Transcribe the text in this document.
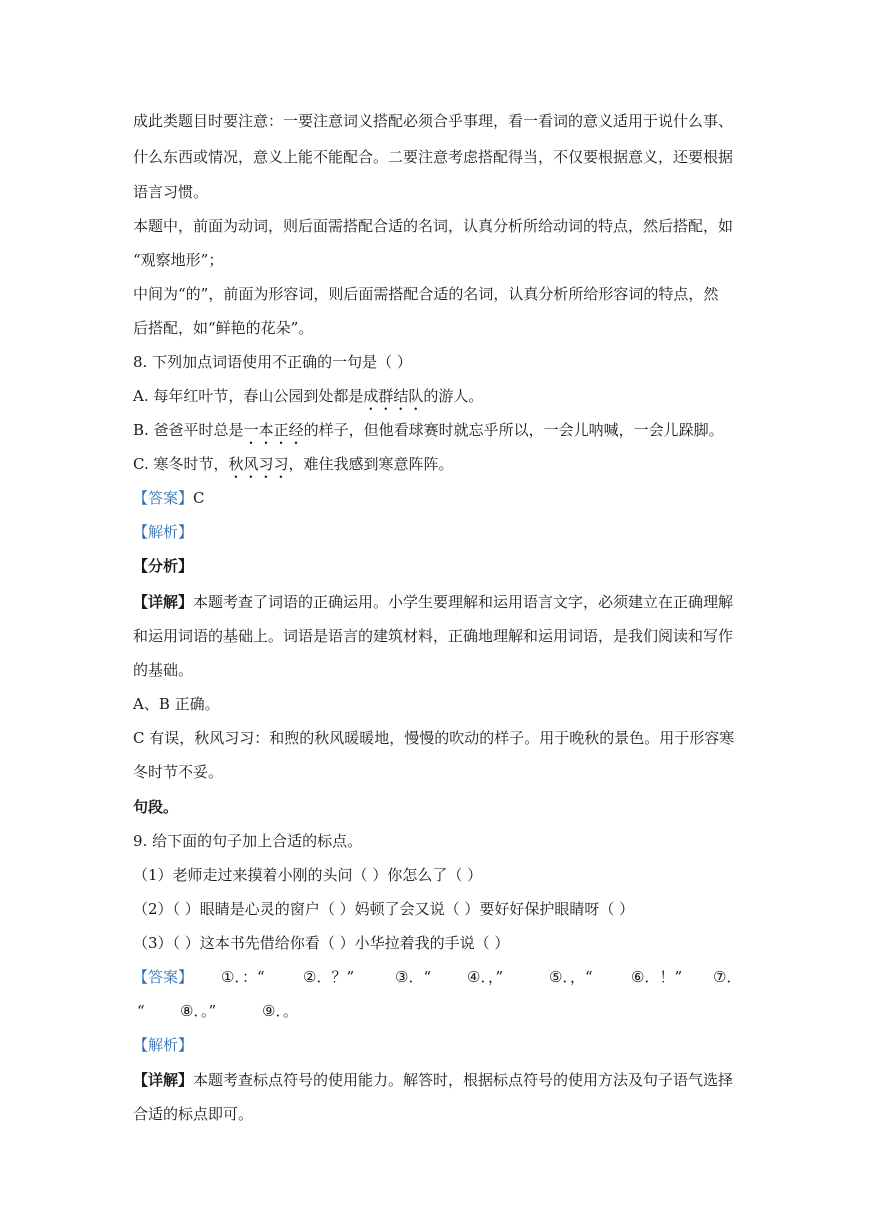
成此类题目时要注意：一要注意词义搭配必须合乎事理，看一看词的意义适用于说什么事、
什么东西或情况，意义上能不能配合。二要注意考虑搭配得当，不仅要根据意义，还要根据
语言习惯。
本题中，前面为动词，则后面需搭配合适的名词，认真分析所给动词的特点，然后搭配，如
“观察地形”；
中间为“的”，前面为形容词，则后面需搭配合适的名词，认真分析所给形容词的特点，然
后搭配，如“鲜艳的花朵”。
8. 下列加点词语使用不正确的一句是（ ）
A. 每年红叶节，春山公园到处都是成群结队的游人。
B. 爸爸平时总是一本正经的样子，但他看球赛时就忘乎所以，一会儿呐喊，一会儿跺脚。
C. 寒冬时节，秋风习习，难住我感到寒意阵阵。
【答案】C
【解析】
【分析】
【详解】本题考查了词语的正确运用。小学生要理解和运用语言文字，必须建立在正确理解
和运用词语的基础上。词语是语言的建筑材料，正确地理解和运用词语，是我们阅读和写作
的基础。
A、B 正确。
C 有误，秋风习习：和煦的秋风暖暖地，慢慢的吹动的样子。用于晚秋的景色。用于形容寒
冬时节不妥。
句段。
9. 给下面的句子加上合适的标点。
（1）老师走过来摸着小刚的头问（ ）你怎么了（ ）
（2）（ ）眼睛是心灵的窗户（ ）妈顿了会又说（ ）要好好保护眼睛呀（ ）
（3）（ ）这本书先借给你看（ ）小华拉着我的手说（ ）
【答案】 ①．：“	②．？”	③．“ ④．，”	⑤．，“	⑥．！” ⑦．
“ ⑧．。”	⑨．。
【解析】
【详解】本题考查标点符号的使用能力。解答时，根据标点符号的使用方法及句子语气选择
合适的标点即可。
